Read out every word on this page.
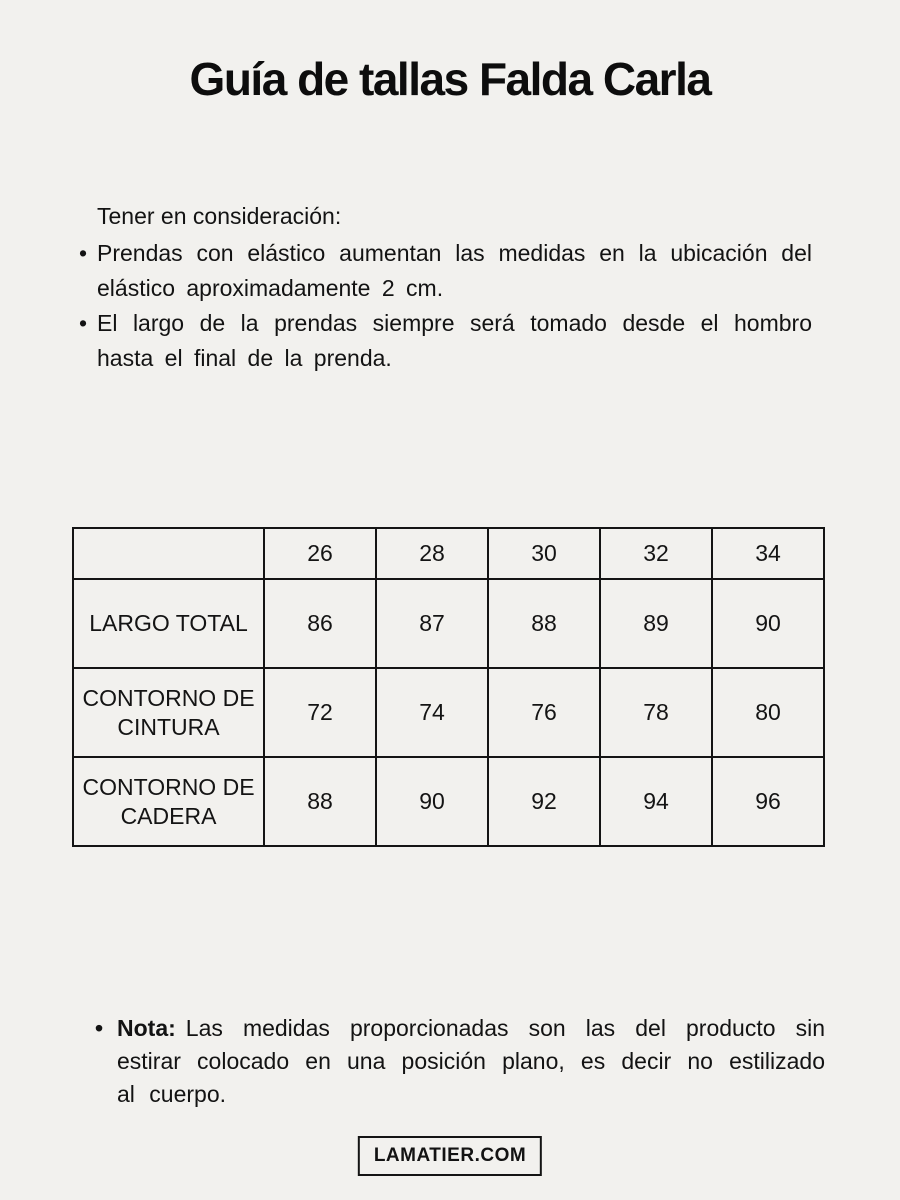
Guía de tallas Falda Carla

Tener en consideración:

• Prendas con elástico aumentan las medidas en la ubicación del elástico aproximadamente 2 cm.
• El largo de la prendas siempre será tomado desde el hombro hasta el final de la prenda.
	26	28	30	32	34
LARGO TOTAL	86	87	88	89	90
CONTORNO DE CINTURA	72	74	76	78	80
CONTORNO DE CADERA	88	90	92	94	96
• Nota: Las medidas proporcionadas son las del producto sin estirar colocado en una posición plano, es decir no estilizado al cuerpo.
LAMATIER.COM
